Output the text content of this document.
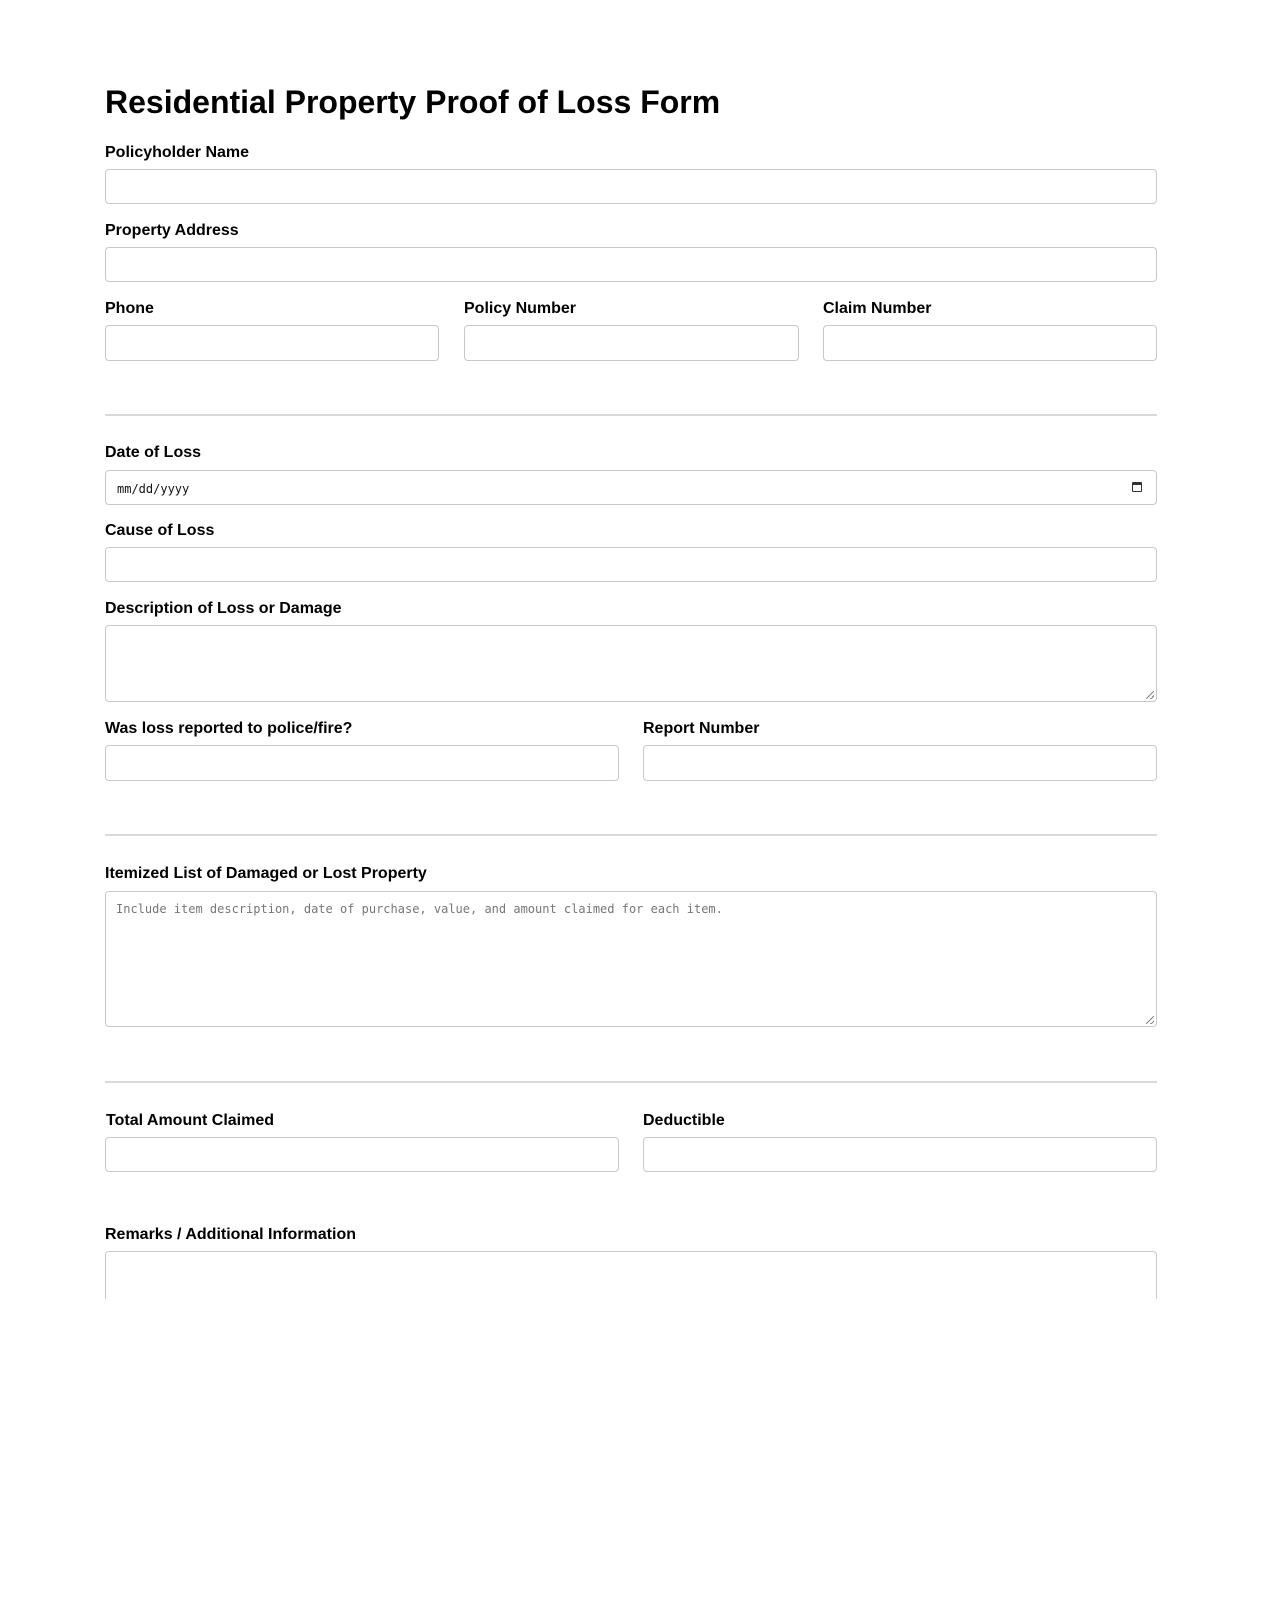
Residential Property Proof of Loss Form
Policyholder Name
Property Address
Phone	Policy Number	Claim Number
Date of Loss
mm/dd/yyyy
Cause of Loss
Description of Loss or Damage
Was loss reported to police/fire?	Report Number
Itemized List of Damaged or Lost Property
Include item description, date of purchase, value, and amount claimed for each item.
Total Amount Claimed	Deductible
Remarks / Additional Information
